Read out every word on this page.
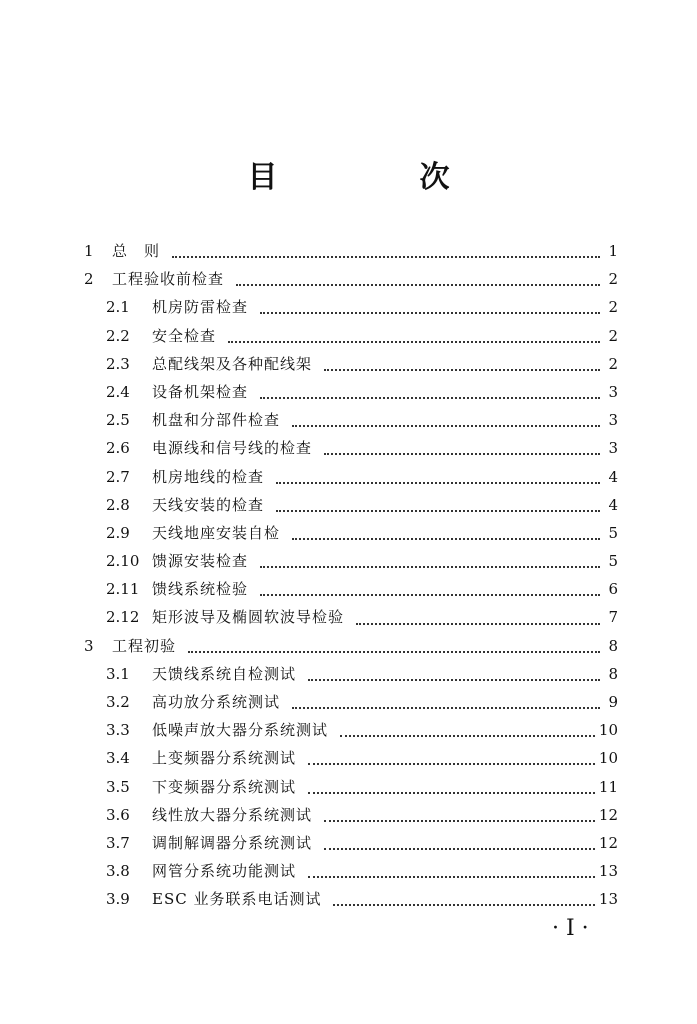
目　次
1	总　则	1
2	工程验收前检查	2
2.1	机房防雷检查	2
2.2	安全检查	2
2.3	总配线架及各种配线架	2
2.4	设备机架检查	3
2.5	机盘和分部件检查	3
2.6	电源线和信号线的检查	3
2.7	机房地线的检查	4
2.8	天线安装的检查	4
2.9	天线地座安装自检	5
2.10 馈源安装检查	5
2.11 馈线系统检验	6
2.12 矩形波导及椭圆软波导检验	7
3	工程初验	8
3.1	天馈线系统自检测试	8
3.2	高功放分系统测试	9
3.3	低噪声放大器分系统测试	10
3.4	上变频器分系统测试	10
3.5	下变频器分系统测试	11
3.6	线性放大器分系统测试	12
3.7	调制解调器分系统测试	12
3.8	网管分系统功能测试	13
3.9	ESC 业务联系电话测试	13
· I ·
